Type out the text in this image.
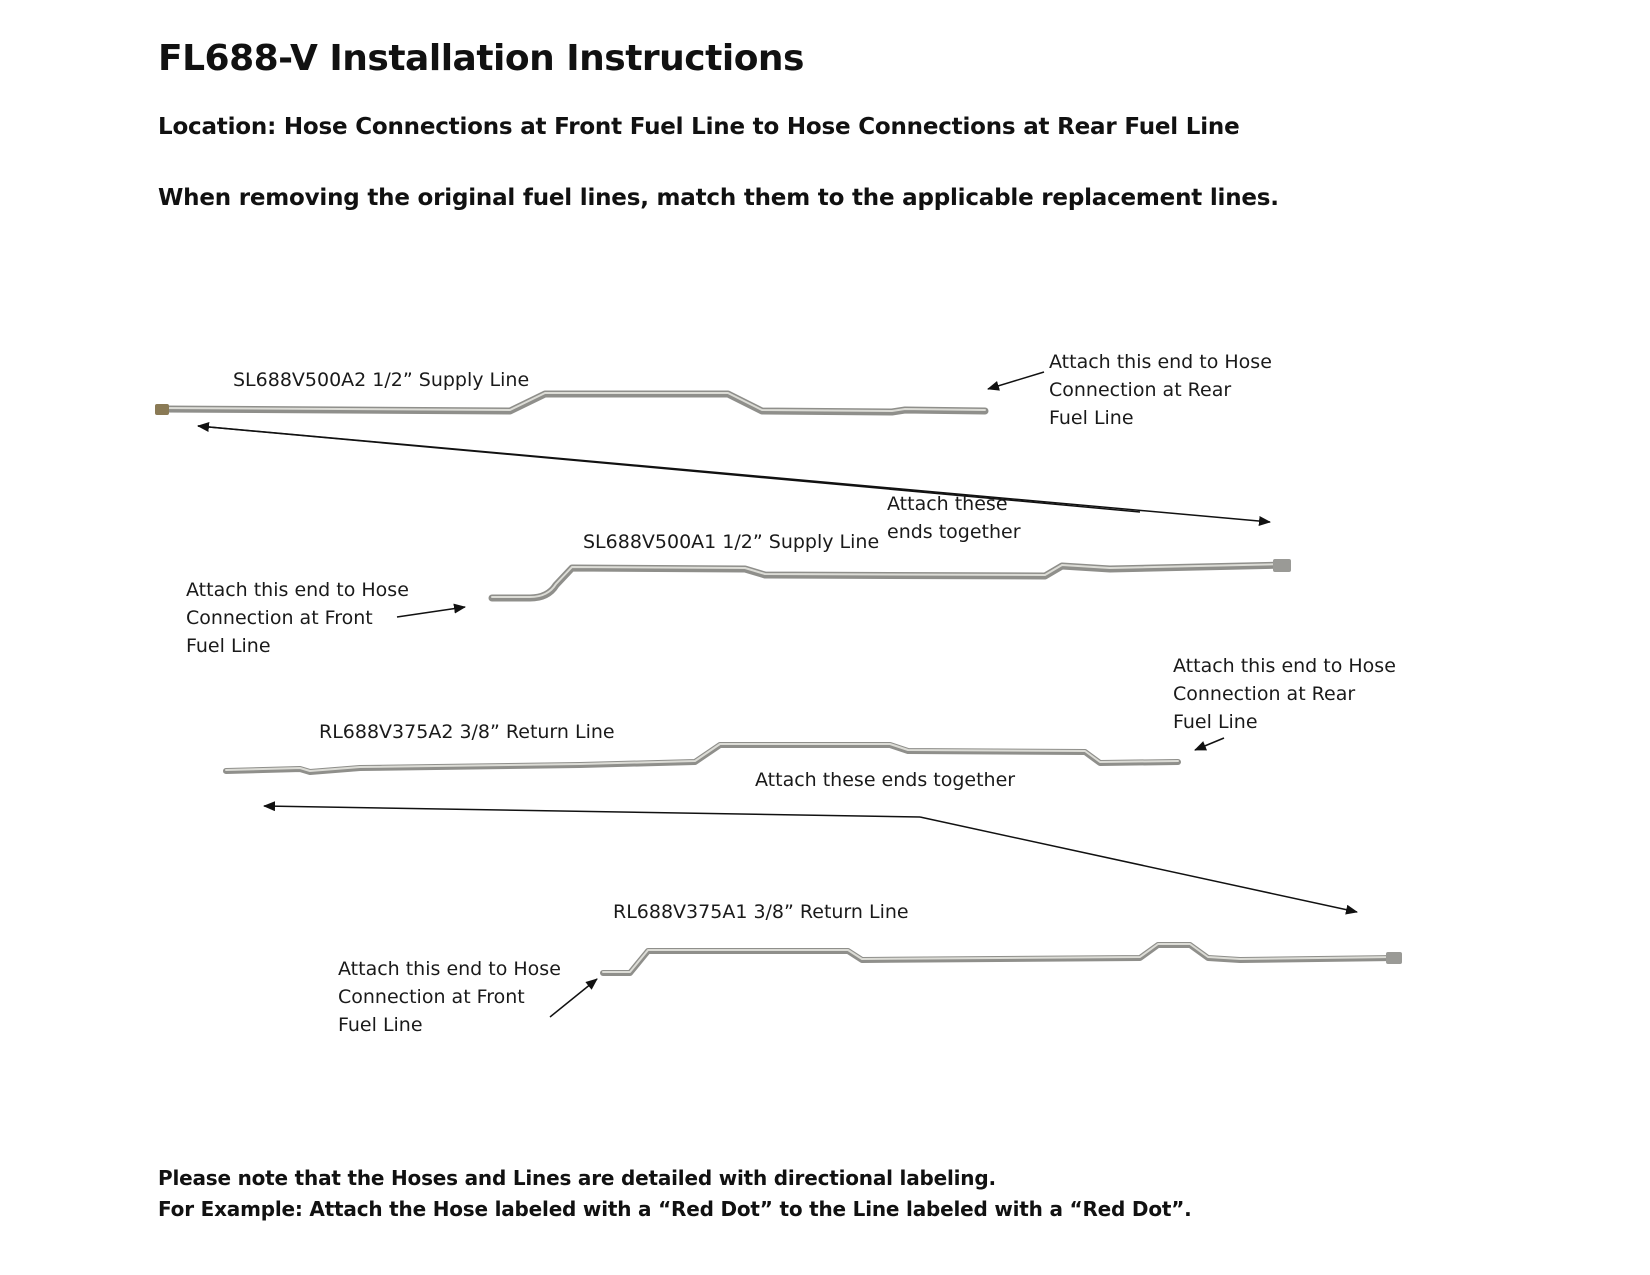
FL688-V Installation Instructions
Location: Hose Connections at Front Fuel Line to Hose Connections at Rear Fuel Line
When removing the original fuel lines, match them to the applicable replacement lines.
SL688V500A2 1/2” Supply Line
SL688V500A1 1/2” Supply Line
RL688V375A2 3/8” Return Line
RL688V375A1 3/8” Return Line
Attach this end to Hose
Connection at Rear
Fuel Line
Attach these
ends together
Attach this end to Hose
Connection at Front
Fuel Line
Attach this end to Hose
Connection at Rear
Fuel Line
Attach these ends together
Attach this end to Hose
Connection at Front
Fuel Line
Please note that the Hoses and Lines are detailed with directional labeling.
For Example: Attach the Hose labeled with a “Red Dot” to the Line labeled with a “Red Dot”.
